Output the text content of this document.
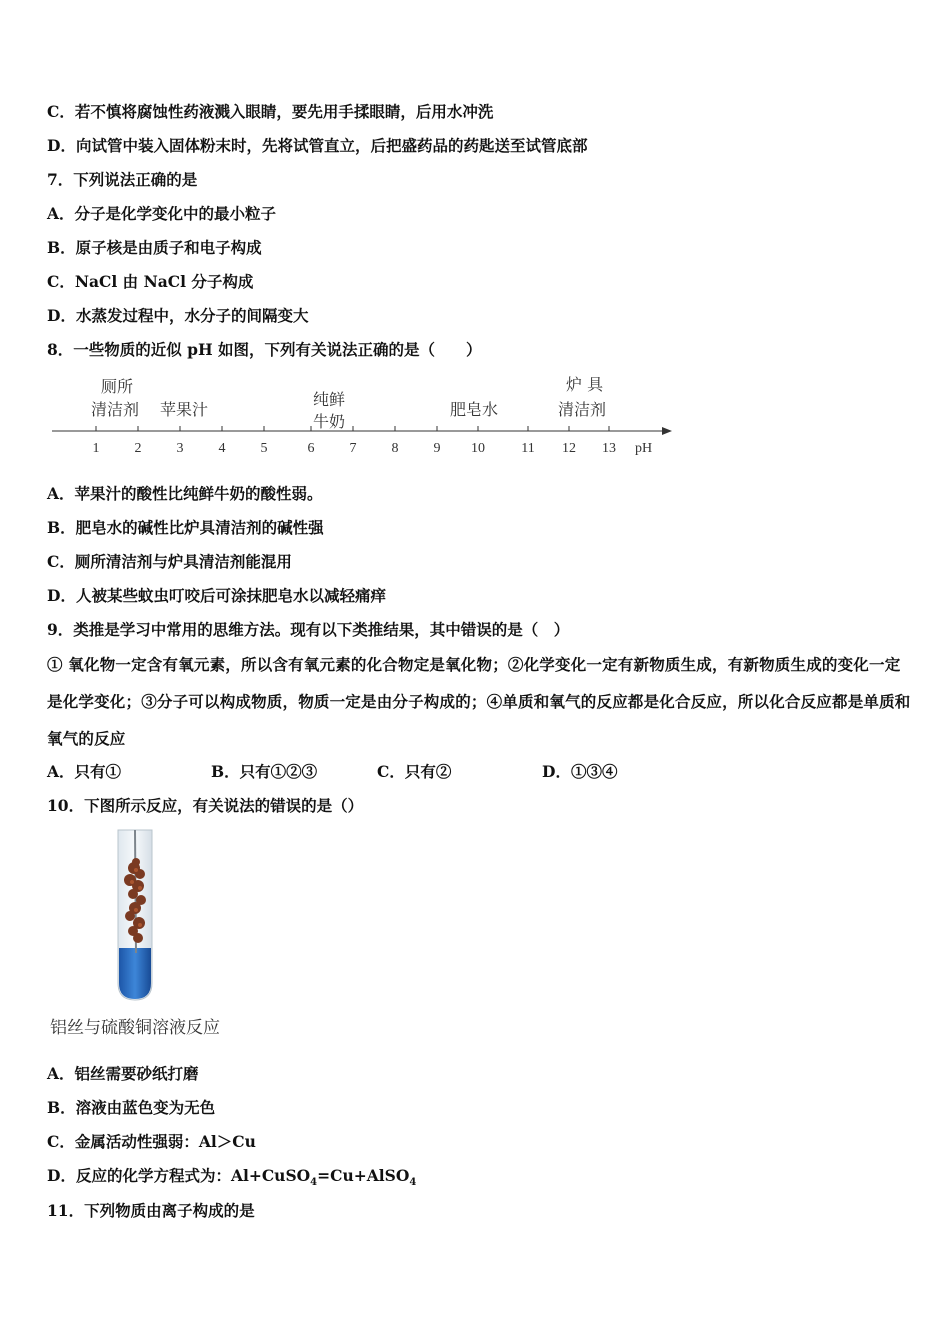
C．若不慎将腐蚀性药液溅入眼睛，要先用手揉眼睛，后用水冲洗
D．向试管中装入固体粉末时，先将试管直立，后把盛药品的药匙送至试管底部
7．下列说法正确的是
A．分子是化学变化中的最小粒子
B．原子核是由质子和电子构成
C．NaCl 由 NaCl 分子构成
D．水蒸发过程中，水分子的间隔变大
8．一些物质的近似 pH 如图，下列有关说法正确的是（　　）
厕所
清洁剂 苹果汁
纯鲜
牛奶
肥皂水
炉 具
清洁剂
1	2	3	4	5	6	7	8	9 10	11 12 13 pH
A．苹果汁的酸性比纯鲜牛奶的酸性弱。
B．肥皂水的碱性比炉具清洁剂的碱性强
C．厕所清洁剂与炉具清洁剂能混用
D．人被某些蚊虫叮咬后可涂抹肥皂水以减轻痛痒
9．类推是学习中常用的思维方法。现有以下类推结果，其中错误的是（　）
① 氧化物一定含有氧元素，所以含有氧元素的化合物定是氧化物；②化学变化一定有新物质生成，有新物质生成的变化一定是化学变化；③分子可以构成物质，物质一定是由分子构成的；④单质和氧气的反应都是化合反应，所以化合反应都是单质和氧气的反应
A．只有①	B．只有①②③	C．只有②	D．①③④
10．下图所示反应，有关说法的错误的是（）
铝丝与硫酸铜溶液反应
A．铝丝需要砂纸打磨
B．溶液由蓝色变为无色
C．金属活动性强弱：Al＞Cu
D．反应的化学方程式为：Al+CuSO$_4$=Cu+AlSO$_4$
11．下列物质由离子构成的是
